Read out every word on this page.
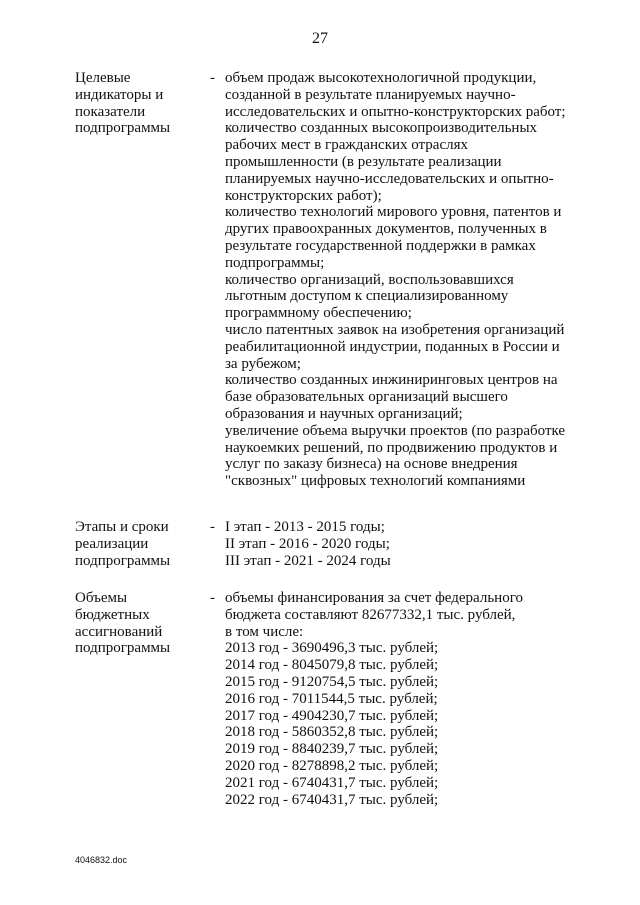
27
Целевые
индикаторы и
показатели
подпрограммы
- объем продаж высокотехнологичной продукции,
созданной в результате планируемых научно-
исследовательских и опытно-конструкторских работ;
количество созданных высокопроизводительных
рабочих мест в гражданских отраслях
промышленности (в результате реализации
планируемых научно-исследовательских и опытно-
конструкторских работ);
количество технологий мирового уровня, патентов и
других правоохранных документов, полученных в
результате государственной поддержки в рамках
подпрограммы;
количество организаций, воспользовавшихся
льготным доступом к специализированному
программному обеспечению;
число патентных заявок на изобретения организаций
реабилитационной индустрии, поданных в России и
за рубежом;
количество созданных инжиниринговых центров на
базе образовательных организаций высшего
образования и научных организаций;
увеличение объема выручки проектов (по разработке
наукоемких решений, по продвижению продуктов и
услуг по заказу бизнеса) на основе внедрения
"сквозных" цифровых технологий компаниями
Этапы и сроки
реализации
подпрограммы
- I этап - 2013 - 2015 годы;
II этап - 2016 - 2020 годы;
III этап - 2021 - 2024 годы
Объемы
бюджетных
ассигнований
подпрограммы
- объемы финансирования за счет федерального
бюджета составляют 82677332,1 тыс. рублей,
в том числе:
2013 год - 3690496,3 тыс. рублей;
2014 год - 8045079,8 тыс. рублей;
2015 год - 9120754,5 тыс. рублей;
2016 год - 7011544,5 тыс. рублей;
2017 год - 4904230,7 тыс. рублей;
2018 год - 5860352,8 тыс. рублей;
2019 год - 8840239,7 тыс. рублей;
2020 год - 8278898,2 тыс. рублей;
2021 год - 6740431,7 тыс. рублей;
2022 год - 6740431,7 тыс. рублей;
4046832.doc
